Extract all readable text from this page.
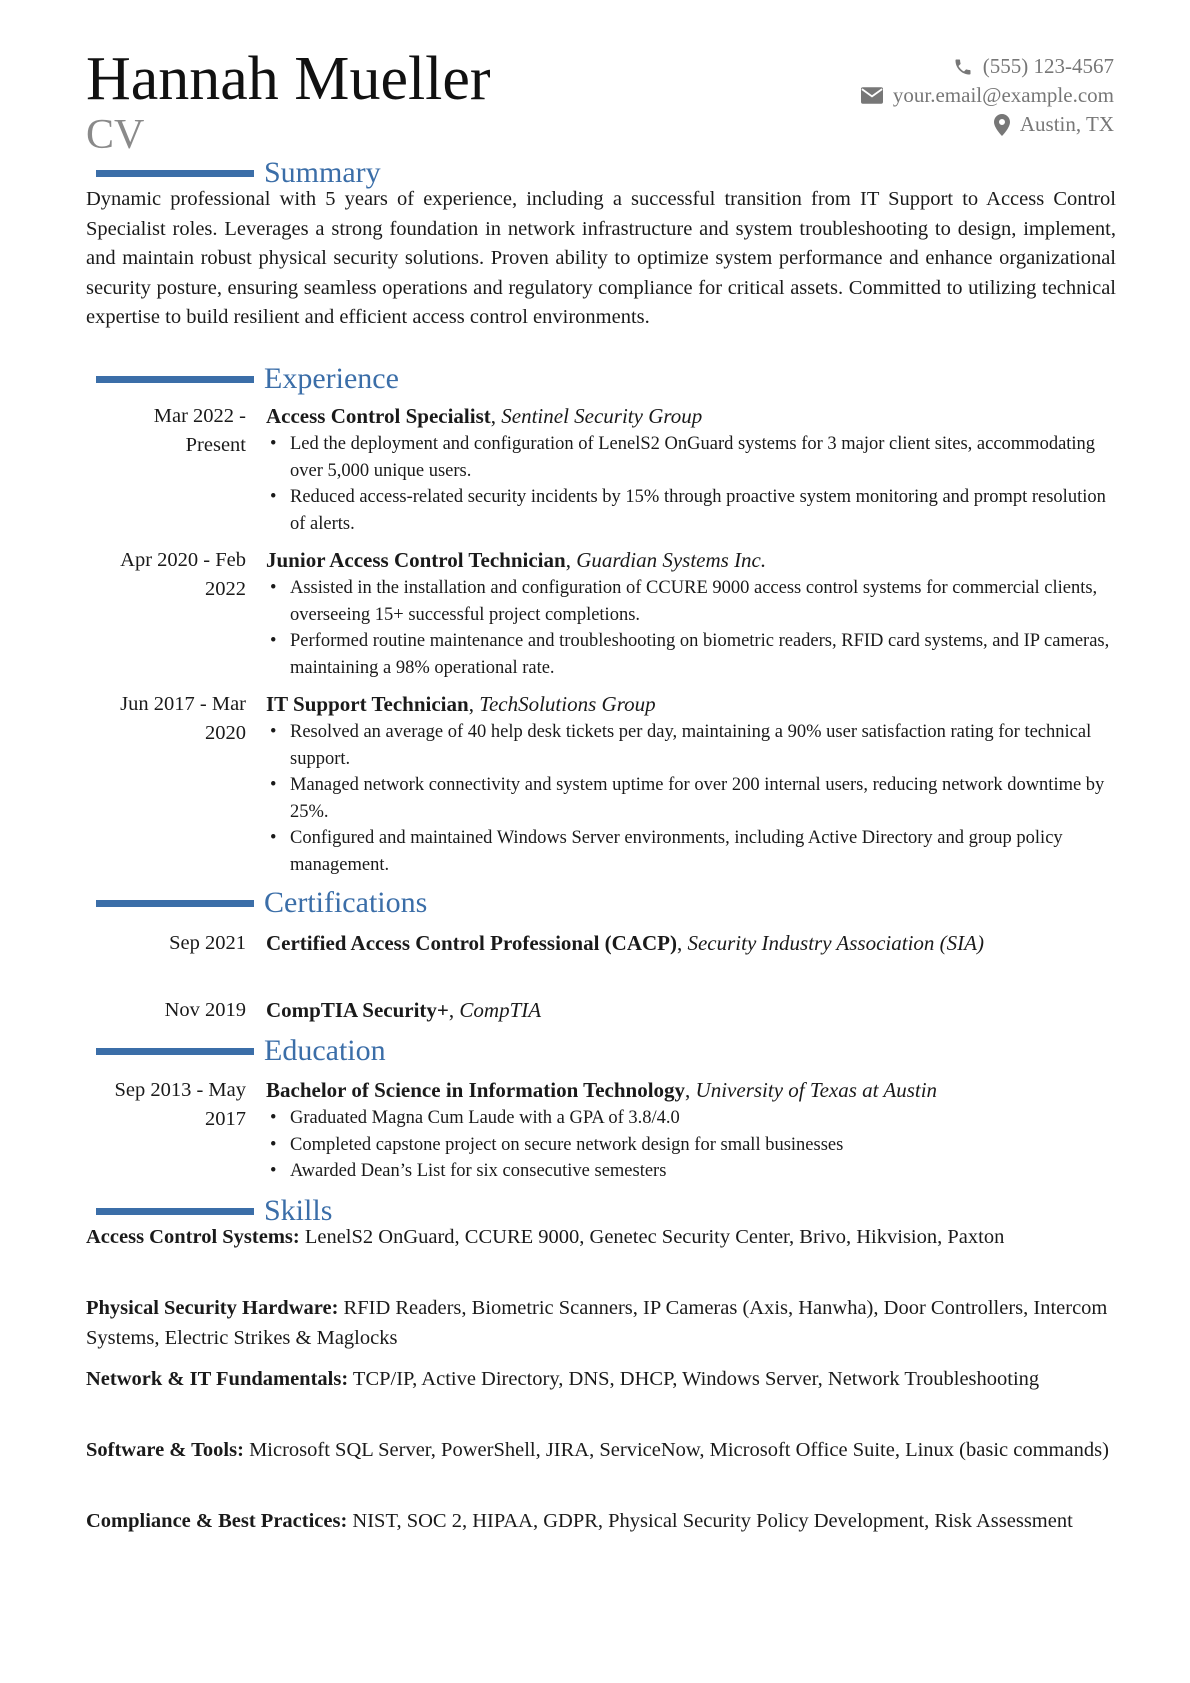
Hannah Mueller
CV
(555) 123-4567
your.email@example.com
Austin, TX
Summary
Dynamic professional with 5 years of experience, including a successful transition from IT Support to Access Control Specialist roles. Leverages a strong foundation in network infrastructure and system troubleshooting to design, implement, and maintain robust physical security solutions. Proven ability to optimize system performance and enhance organizational security posture, ensuring seamless operations and regulatory compliance for critical assets. Committed to utilizing technical expertise to build resilient and efficient access control environments.
Experience
Mar 2022 -
Present
Access Control Specialist, Sentinel Security Group
• Led the deployment and configuration of LenelS2 OnGuard systems for 3 major client sites, accommodating over 5,000 unique users.
• Reduced access-related security incidents by 15% through proactive system monitoring and prompt resolution of alerts.
Apr 2020 - Feb
2022
Junior Access Control Technician, Guardian Systems Inc.
• Assisted in the installation and configuration of CCURE 9000 access control systems for commercial clients, overseeing 15+ successful project completions.
• Performed routine maintenance and troubleshooting on biometric readers, RFID card systems, and IP cameras, maintaining a 98% operational rate.
Jun 2017 - Mar
2020
IT Support Technician, TechSolutions Group
• Resolved an average of 40 help desk tickets per day, maintaining a 90% user satisfaction rating for technical support.
• Managed network connectivity and system uptime for over 200 internal users, reducing network downtime by 25%.
• Configured and maintained Windows Server environments, including Active Directory and group policy management.
Certifications
Sep 2021 Certified Access Control Professional (CACP), Security Industry Association (SIA)
Nov 2019 CompTIA Security+, CompTIA
Education
Sep 2013 - May
2017
Bachelor of Science in Information Technology, University of Texas at Austin
• Graduated Magna Cum Laude with a GPA of 3.8/4.0
• Completed capstone project on secure network design for small businesses
• Awarded Dean’s List for six consecutive semesters
Skills
Access Control Systems: LenelS2 OnGuard, CCURE 9000, Genetec Security Center, Brivo, Hikvision, Paxton
Physical Security Hardware: RFID Readers, Biometric Scanners, IP Cameras (Axis, Hanwha), Door Controllers, Intercom Systems, Electric Strikes & Maglocks
Network & IT Fundamentals: TCP/IP, Active Directory, DNS, DHCP, Windows Server, Network Troubleshooting
Software & Tools: Microsoft SQL Server, PowerShell, JIRA, ServiceNow, Microsoft Office Suite, Linux (basic commands)
Compliance & Best Practices: NIST, SOC 2, HIPAA, GDPR, Physical Security Policy Development, Risk Assessment
